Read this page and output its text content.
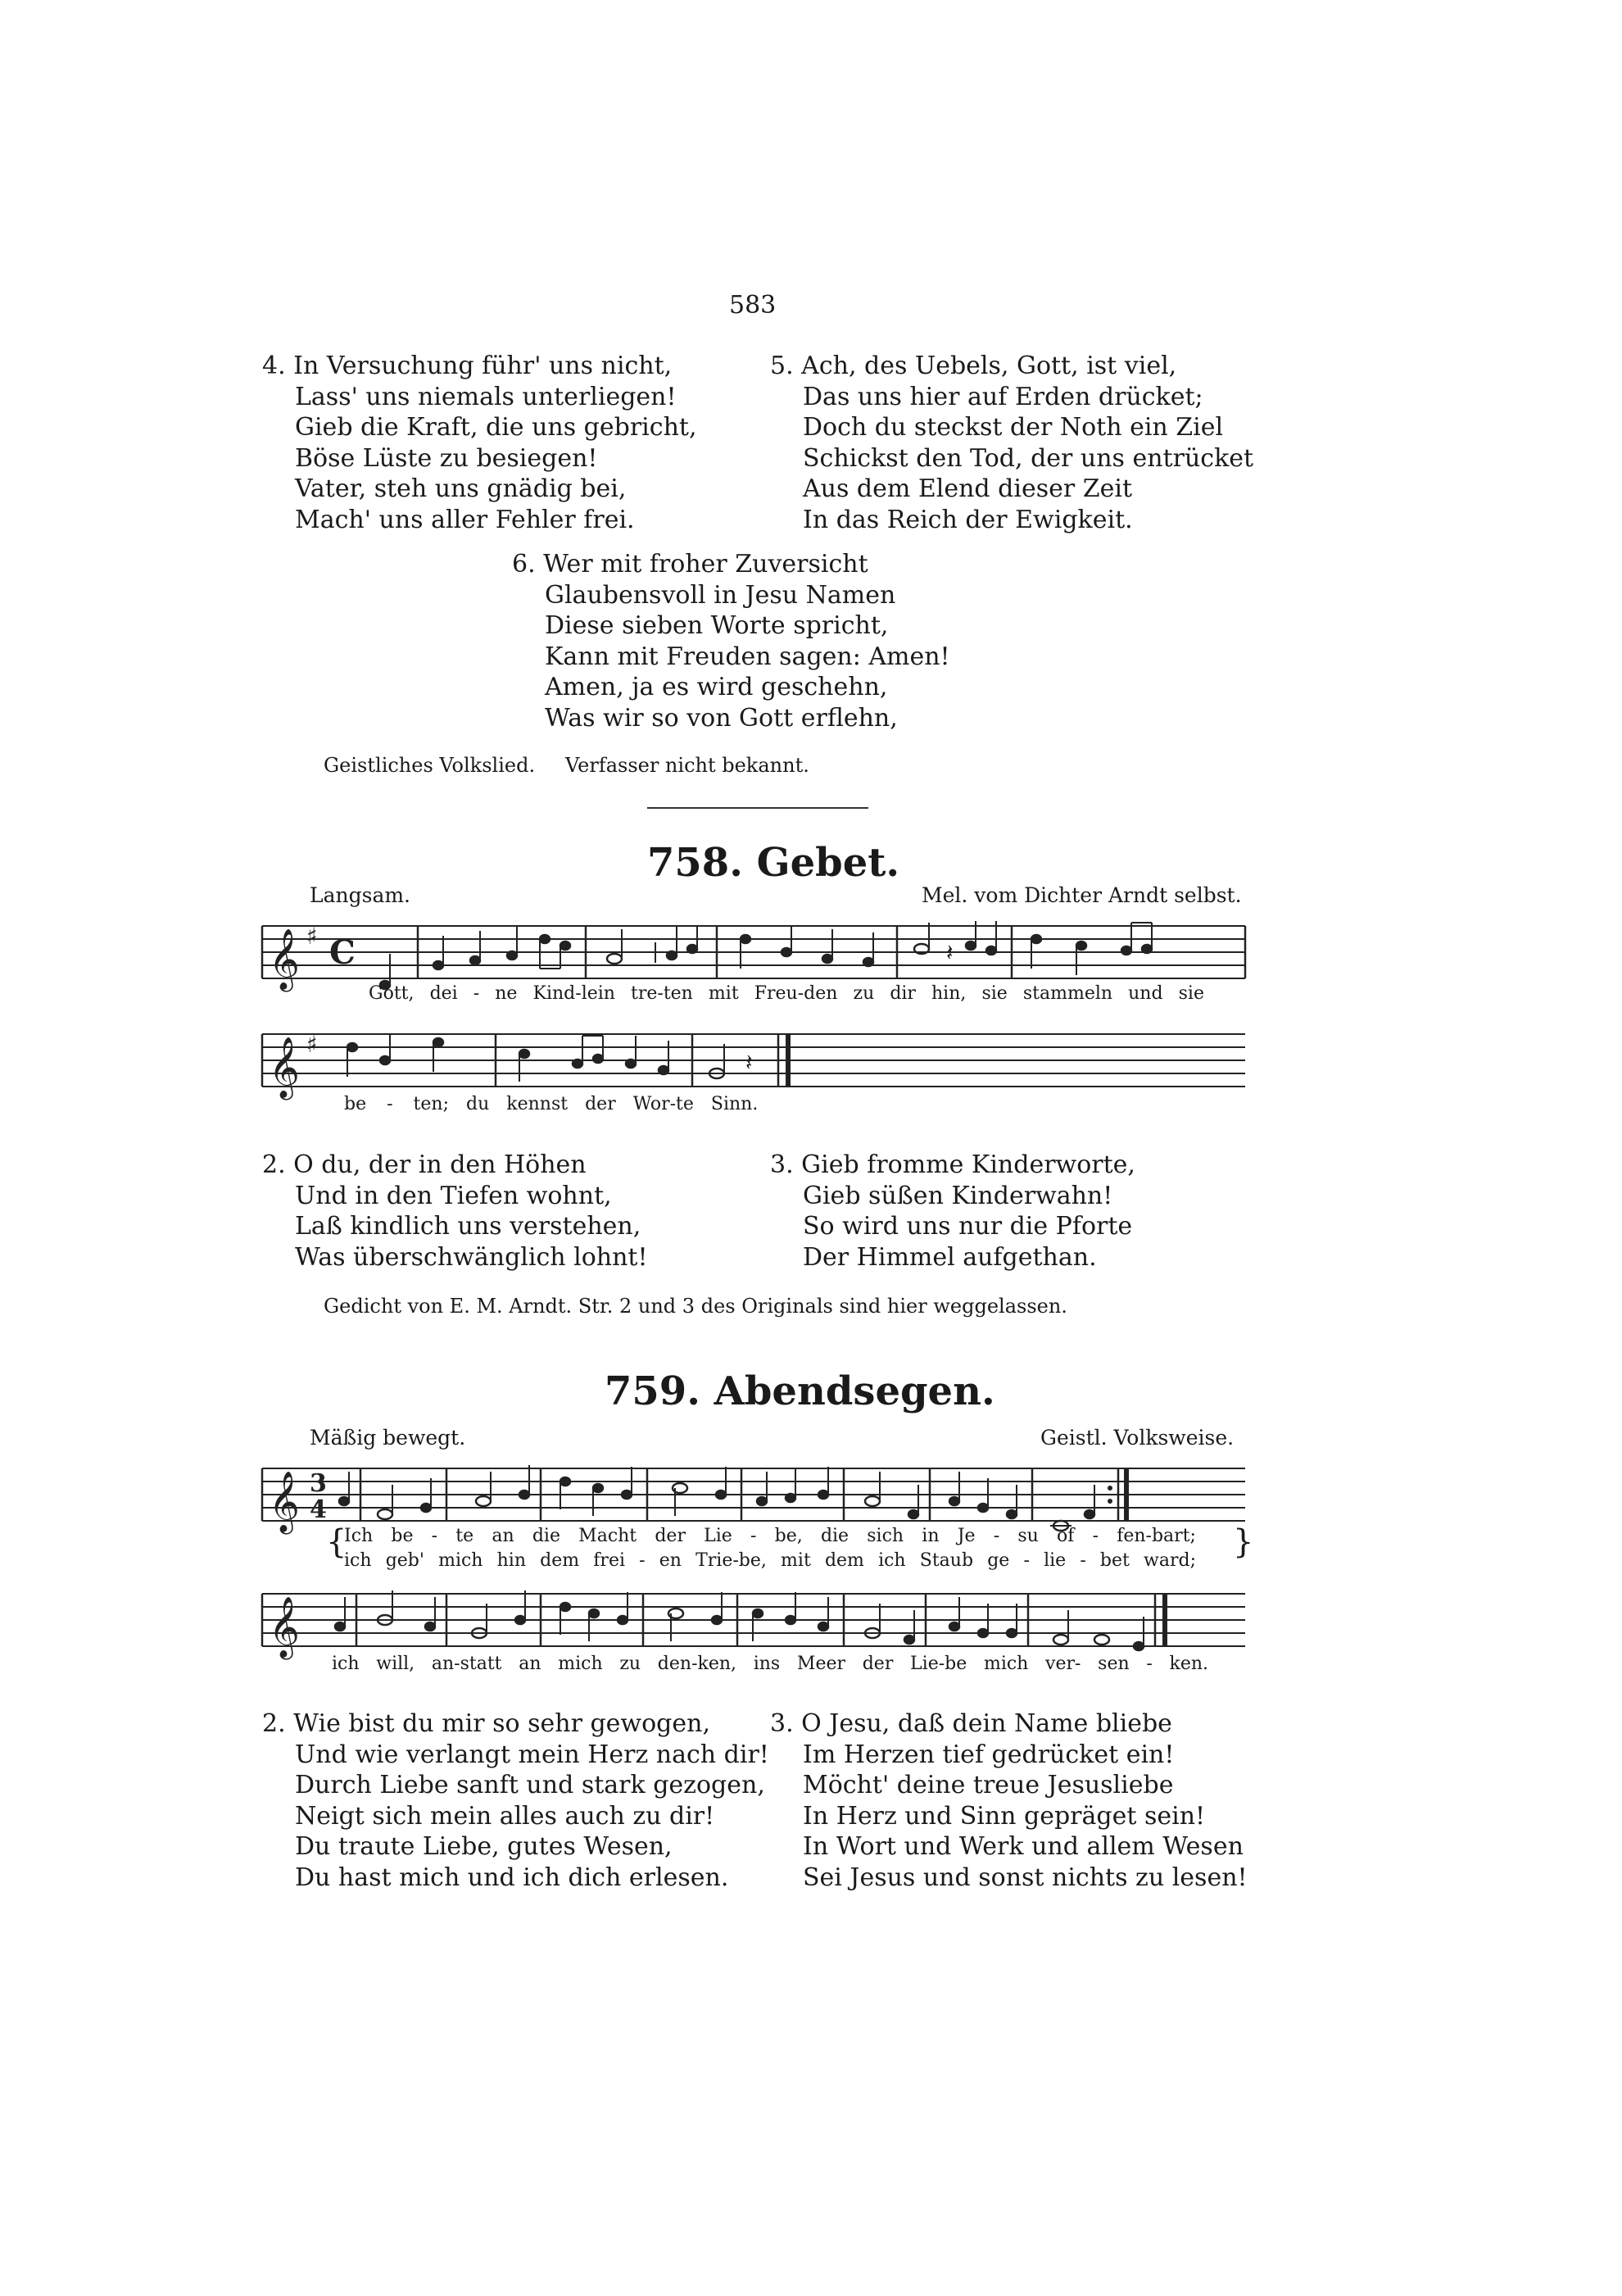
583
4. In Versuchung führ' uns nicht,
Lass' uns niemals unterliegen!
Gieb die Kraft, die uns gebricht,
Böse Lüste zu besiegen!
Vater, steh uns gnädig bei,
Mach' uns aller Fehler frei.
5. Ach, des Uebels, Gott, ist viel,
Das uns hier auf Erden drücket;
Doch du steckst der Noth ein Ziel
Schickst den Tod, der uns entrücket
Aus dem Elend dieser Zeit
In das Reich der Ewigkeit.
6. Wer mit froher Zuversicht
Glaubensvoll in Jesu Namen
Diese sieben Worte spricht,
Kann mit Freuden sagen: Amen!
Amen, ja es wird geschehn,
Was wir so von Gott erflehn,
Geistliches Volkslied. Verfasser nicht bekannt.
758. Gebet.
Langsam.	Mel. vom Dichter Arndt selbst.
𝄞 ♯ C	𝄽
Gott, dei - ne Kind-lein tre-ten mit Freu-den zu dir hin, sie stammeln und sie
𝄞 ♯
𝄽
be - ten; du kennst der Wor-te Sinn.
2. O du, der in den Höhen
Und in den Tiefen wohnt,
Laß kindlich uns verstehen,
Was überschwänglich lohnt!
3. Gieb fromme Kinderworte,
Gieb süßen Kinderwahn!
So wird uns nur die Pforte
Der Himmel aufgethan.
Gedicht von E. M. Arndt. Str. 2 und 3 des Originals sind hier weggelassen.
759. Abendsegen.
Mäßig bewegt.	Geistl. Volksweise.
𝄞 3
4
{
Ich be - te an die Macht der Lie - be, die sich in Je - su of - fen-bart;
ich geb' mich hin dem frei - en Trie-be, mit dem ich Staub ge - lie - bet ward; }
𝄞
ich will, an-statt an mich zu den-ken, ins Meer der Lie-be mich ver- sen - ken.
2. Wie bist du mir so sehr gewogen,
Und wie verlangt mein Herz nach dir!
Durch Liebe sanft und stark gezogen,
Neigt sich mein alles auch zu dir!
Du traute Liebe, gutes Wesen,
Du hast mich und ich dich erlesen.
3. O Jesu, daß dein Name bliebe
Im Herzen tief gedrücket ein!
Möcht' deine treue Jesusliebe
In Herz und Sinn gepräget sein!
In Wort und Werk und allem Wesen
Sei Jesus und sonst nichts zu lesen!
